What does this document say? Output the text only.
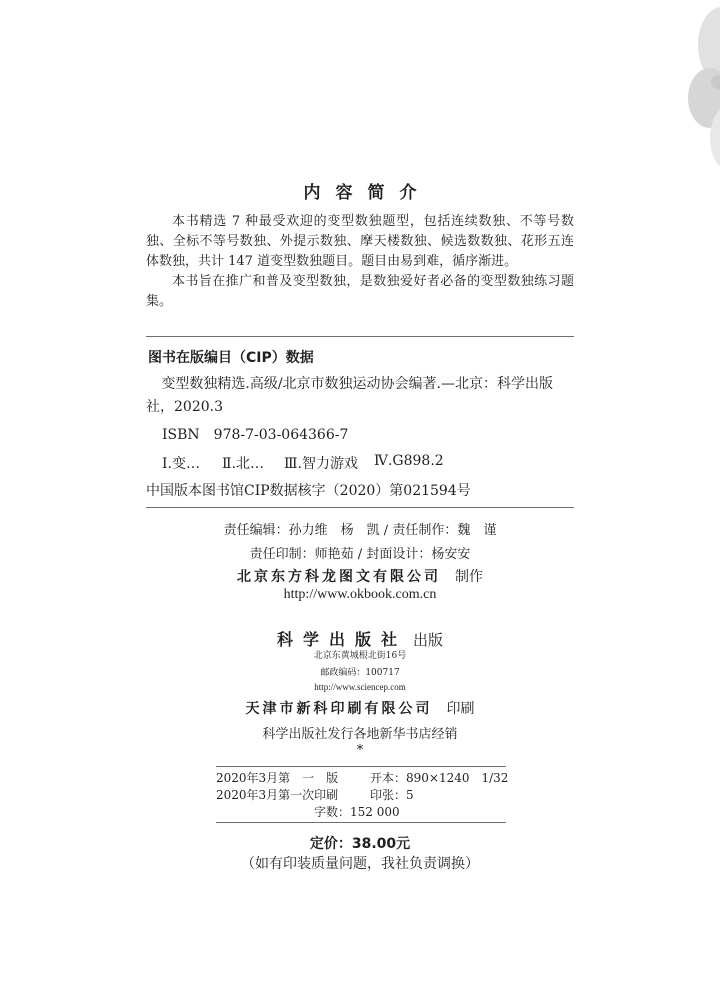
内容简介

本书精选 7 种最受欢迎的变型数独题型，包括连续数独、不等号数独、全标不等号数独、外提示数独、摩天楼数独、候选数数独、花形五连体数独，共计 147 道变型数独题目。题目由易到难，循序渐进。

本书旨在推广和普及变型数独，是数独爱好者必备的变型数独练习题集。

图书在版编目（CIP）数据
变型数独精选.高级/北京市数独运动协会编著.—北京：科学出版社，2020.3
ISBN　978-7-03-064366-7
Ⅰ.变… Ⅱ.北… Ⅲ.智力游戏 Ⅳ.G898.2
中国版本图书馆CIP数据核字（2020）第021594号
责任编辑：孙力维　杨　凯 / 责任制作：魏　谨
责任印制：师艳茹 / 封面设计：杨安安
北京东方科龙图文有限公司 制作
http://www.okbook.com.cn
科学出版社 出版
北京东黄城根北街16号
邮政编码：100717
http://www.sciencep.com
天津市新科印刷有限公司 印刷
科学出版社发行各地新华书店经销
*
2020年3月第　一　版	开本：890×1240　1/32
2020年3月第一次印刷	印张：5
字数：152 000
定价：38.00元
（如有印装质量问题，我社负责调换）
